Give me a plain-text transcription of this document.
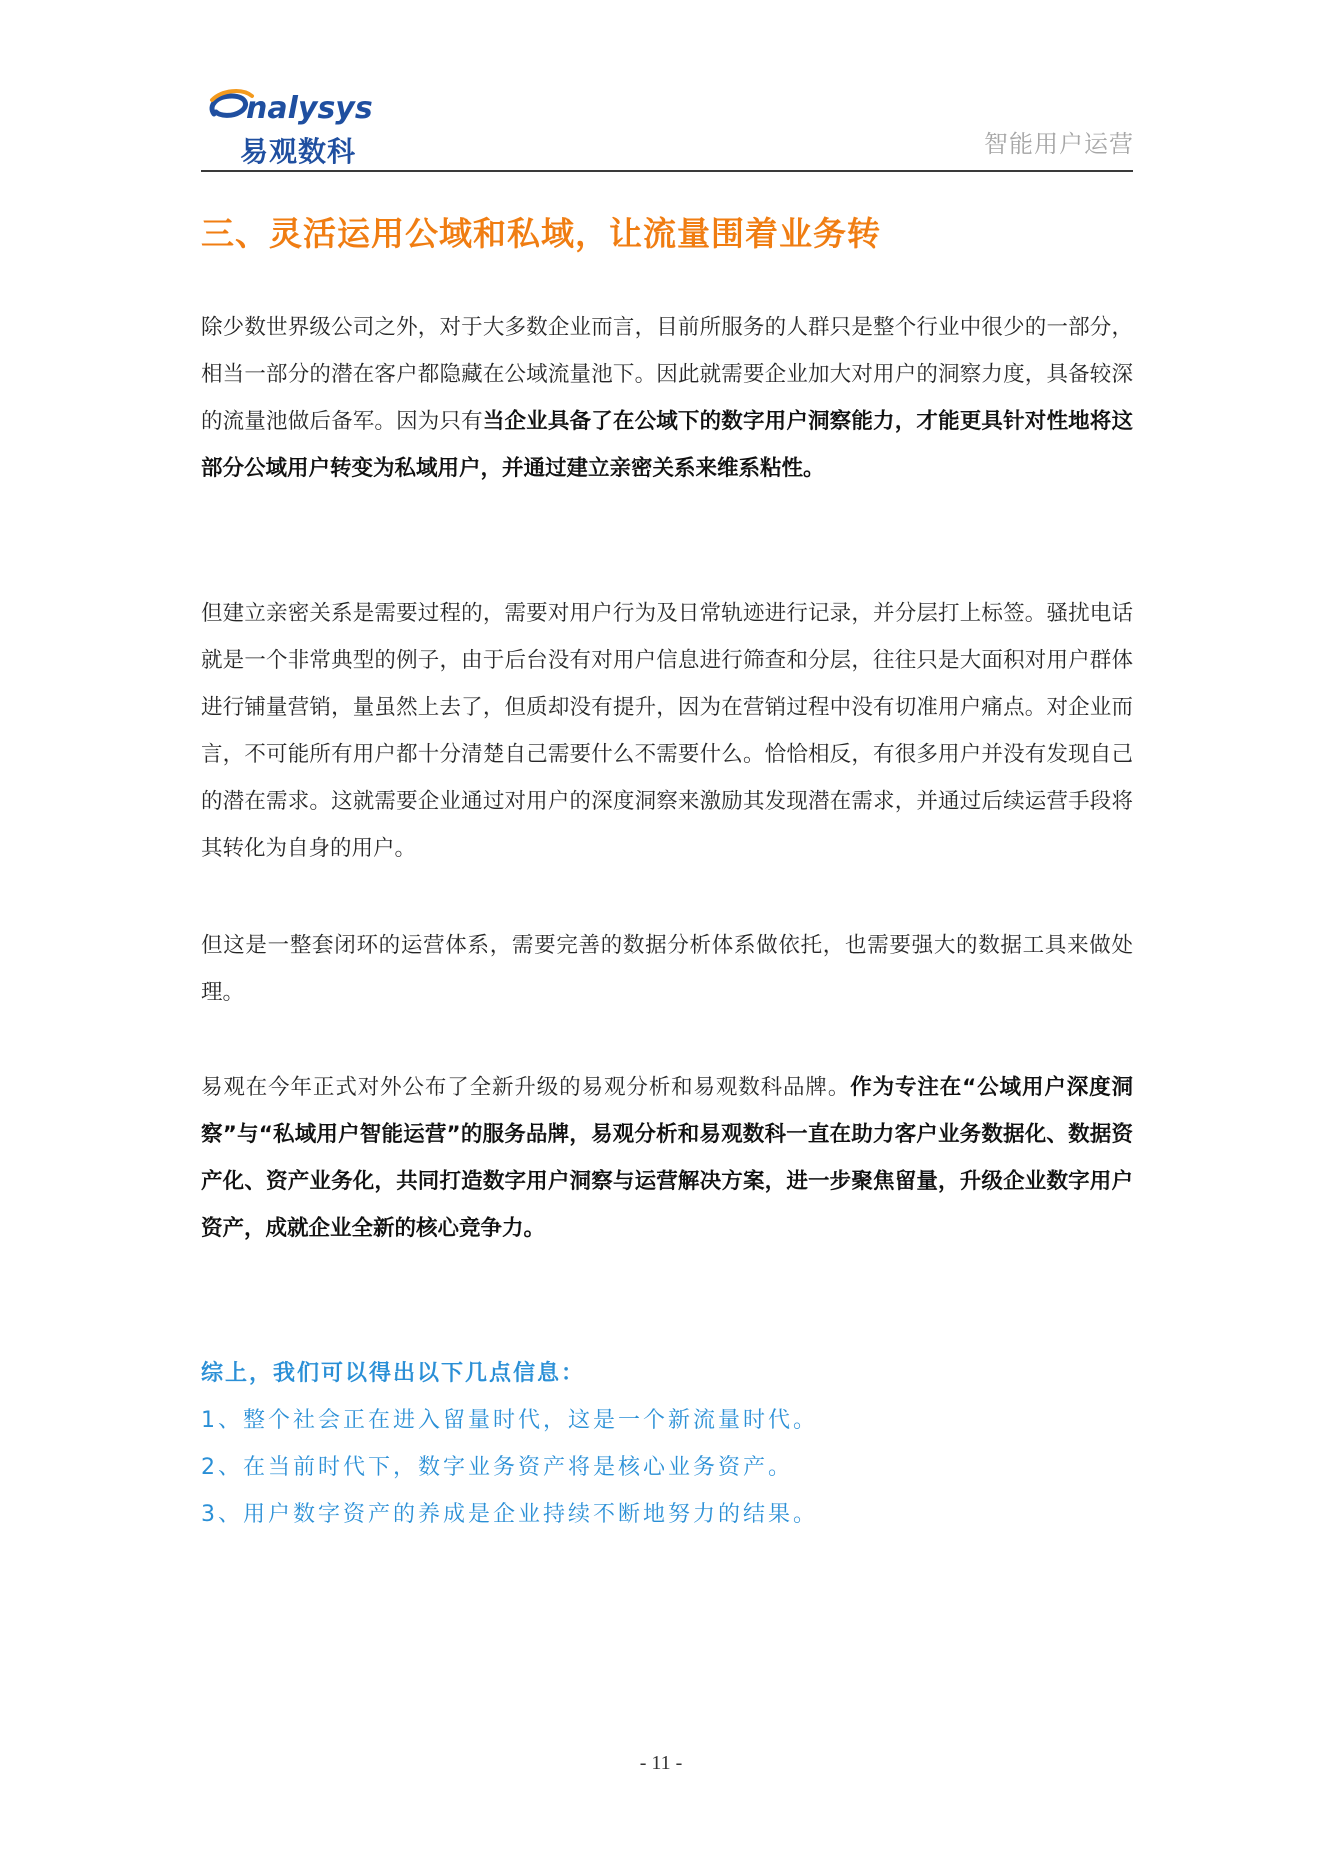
nalysys
易观数科	智能用户运营
三、灵活运用公域和私域，让流量围着业务转
除少数世界级公司之外，对于大多数企业而言，目前所服务的人群只是整个行业中很少的一部分，相当一部分的潜在客户都隐藏在公域流量池下。因此就需要企业加大对用户的洞察力度，具备较深的流量池做后备军。因为只有当企业具备了在公域下的数字用户洞察能力，才能更具针对性地将这部分公域用户转变为私域用户，并通过建立亲密关系来维系粘性。
但建立亲密关系是需要过程的，需要对用户行为及日常轨迹进行记录，并分层打上标签。骚扰电话就是一个非常典型的例子，由于后台没有对用户信息进行筛查和分层，往往只是大面积对用户群体进行铺量营销，量虽然上去了，但质却没有提升，因为在营销过程中没有切准用户痛点。对企业而言，不可能所有用户都十分清楚自己需要什么不需要什么。恰恰相反，有很多用户并没有发现自己的潜在需求。这就需要企业通过对用户的深度洞察来激励其发现潜在需求，并通过后续运营手段将其转化为自身的用户。
但这是一整套闭环的运营体系，需要完善的数据分析体系做依托，也需要强大的数据工具来做处理。
易观在今年正式对外公布了全新升级的易观分析和易观数科品牌。作为专注在“公域用户深度洞察”与“私域用户智能运营”的服务品牌，易观分析和易观数科一直在助力客户业务数据化、数据资产化、资产业务化，共同打造数字用户洞察与运营解决方案，进一步聚焦留量，升级企业数字用户资产，成就企业全新的核心竞争力。
综上，我们可以得出以下几点信息：
1、整个社会正在进入留量时代，这是一个新流量时代。
2、在当前时代下，数字业务资产将是核心业务资产。
3、用户数字资产的养成是企业持续不断地努力的结果。
- 11 -
